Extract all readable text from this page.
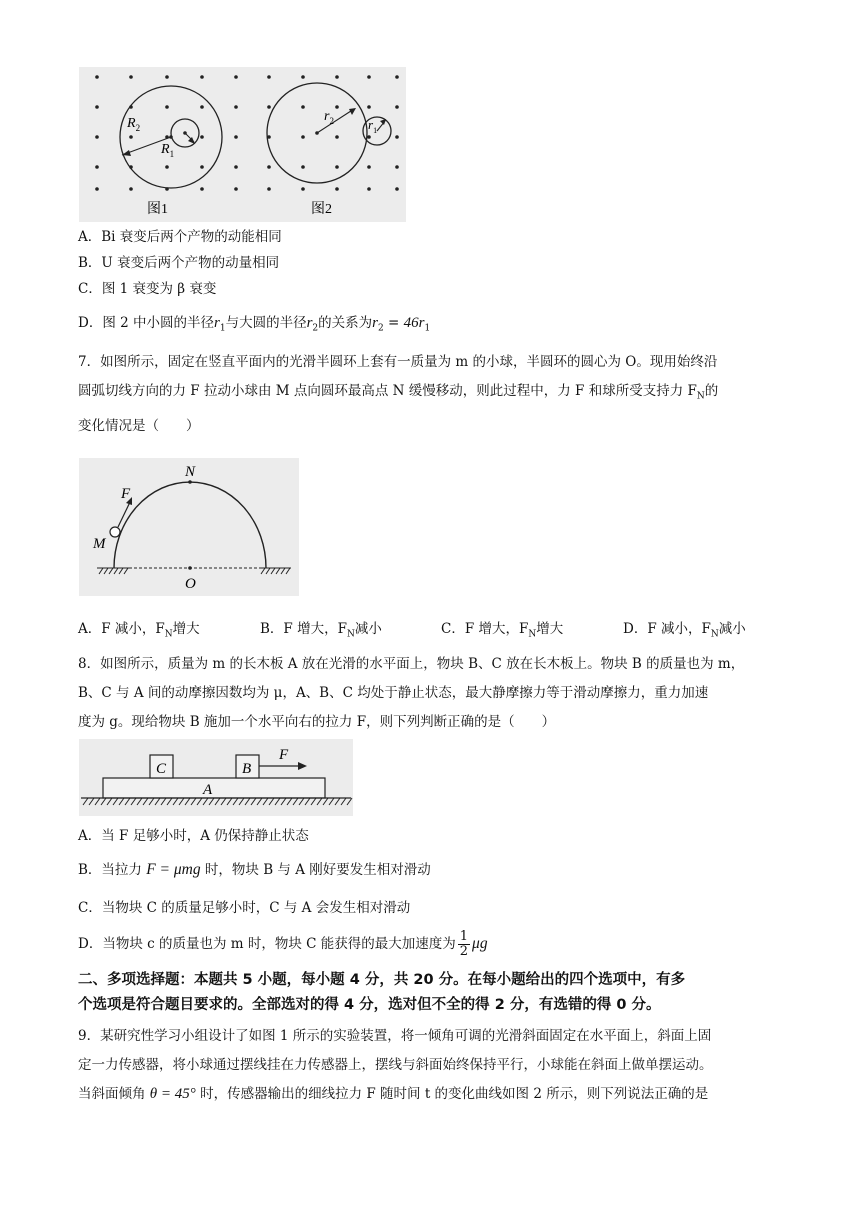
$R_2$
$R_1$
图1
$r_2$	$r_1$
图2
A．Bi 衰变后两个产物的动能相同
B．U 衰变后两个产物的动量相同
C．图 1 衰变为 β 衰变
D．图 2 中小圆的半径$r_1$与大圆的半径$r_2$的关系为$r_2 = 46r_1$
7．如图所示，固定在竖直平面内的光滑半圆环上套有一质量为 m 的小球，半圆环的圆心为 O。现用始终沿
圆弧切线方向的力 F 拉动小球由 M 点向圆环最高点 N 缓慢移动，则此过程中，力 F 和球所受支持力 $F_N$的
变化情况是（　　）
N
F
M
O
A．F 减小，$F_N$增大	B．F 增大，$F_N$减小	C．F 增大，$F_N$增大	D．F 减小，$F_N$减小
8．如图所示，质量为 m 的长木板 A 放在光滑的水平面上，物块 B、C 放在长木板上。物块 B 的质量也为 m，
B、C 与 A 间的动摩擦因数均为 μ，A、B、C 均处于静止状态，最大静摩擦力等于滑动摩擦力，重力加速
度为 g。现给物块 B 施加一个水平向右的拉力 F，则下列判断正确的是（　　）
C	B
F
A
A．当 F 足够小时，A 仍保持静止状态
B．当拉力 F = μmg 时，物块 B 与 A 刚好要发生相对滑动
C．当物块 C 的质量足够小时，C 与 A 会发生相对滑动
D．当物块 c 的质量也为 m 时，物块 C 能获得的最大加速度为 $\frac{1}{2}$ μg
二、多项选择题：本题共 5 小题，每小题 4 分，共 20 分。在每小题给出的四个选项中，有多
个选项是符合题目要求的。全部选对的得 4 分，选对但不全的得 2 分，有选错的得 0 分。
9．某研究性学习小组设计了如图 1 所示的实验装置，将一倾角可调的光滑斜面固定在水平面上，斜面上固
定一力传感器，将小球通过摆线挂在力传感器上，摆线与斜面始终保持平行，小球能在斜面上做单摆运动。
当斜面倾角 θ = 45° 时，传感器输出的细线拉力 F 随时间 t 的变化曲线如图 2 所示，则下列说法正确的是
